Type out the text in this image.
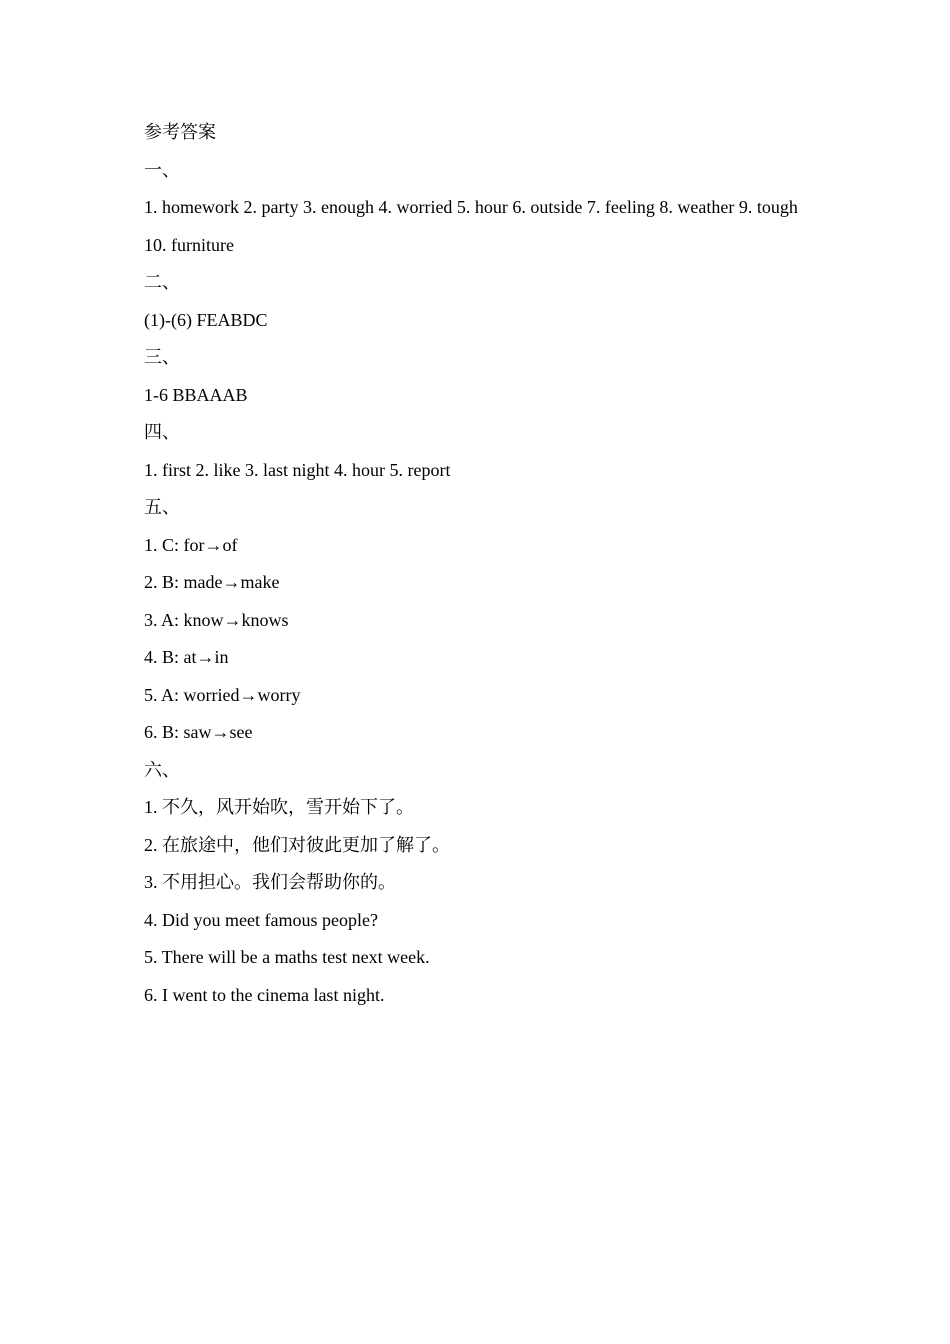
参考答案
一、
1. homework 2. party 3. enough 4. worried 5. hour 6. outside 7. feeling 8. weather 9. tough 10. furniture
二、
(1)-(6) FEABDC
三、
1-6 BBAAAB
四、
1. first 2. like 3. last night 4. hour 5. report
五、
1. C: for→of
2. B: made→make
3. A: know→knows
4. B: at→in
5. A: worried→worry
6. B: saw→see
六、
1. 不久，风开始吹，雪开始下了。
2. 在旅途中，他们对彼此更加了解了。
3. 不用担心。我们会帮助你的。
4. Did you meet famous people?
5. There will be a maths test next week.
6. I went to the cinema last night.
